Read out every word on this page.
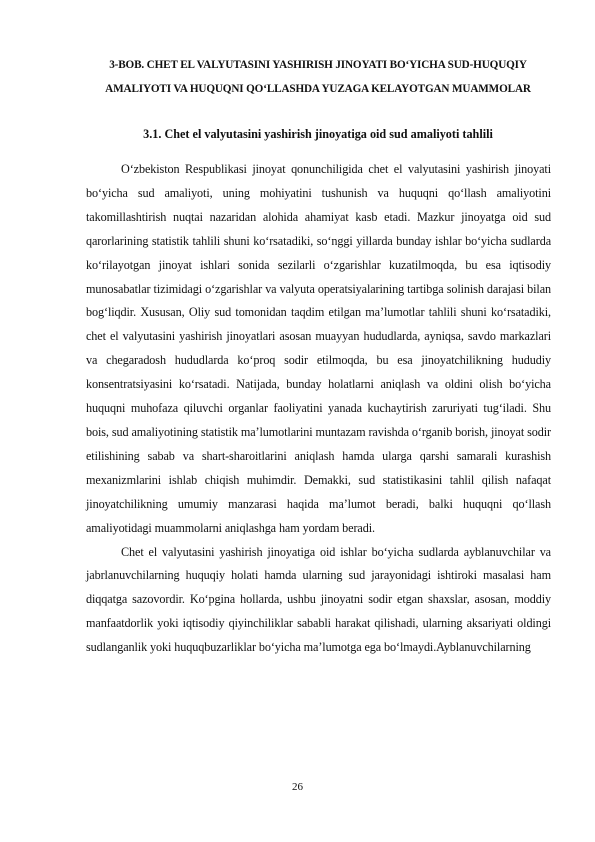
3-BOB. CHET EL VALYUTASINI YASHIRISH JINOYATI BO‘YICHA SUD-HUQUQIY AMALIYOTI VA HUQUQNI QO‘LLASHDA YUZAGA KELAYOTGAN MUAMMOLAR
3.1. Chet el valyutasini yashirish jinoyatiga oid sud amaliyoti tahlili

O‘zbekiston Respublikasi jinoyat qonunchiligida chet el valyutasini yashirish jinoyati bo‘yicha sud amaliyoti, uning mohiyatini tushunish va huquqni qo‘llash amaliyotini takomillashtirish nuqtai nazaridan alohida ahamiyat kasb etadi. Mazkur jinoyatga oid sud qarorlarining statistik tahlili shuni ko‘rsatadiki, so‘nggi yillarda bunday ishlar bo‘yicha sudlarda ko‘rilayotgan jinoyat ishlari sonida sezilarli o‘zgarishlar kuzatilmoqda, bu esa iqtisodiy munosabatlar tizimidagi o‘zgarishlar va valyuta operatsiyalarining tartibga solinish darajasi bilan bog‘liqdir. Xususan, Oliy sud tomonidan taqdim etilgan ma’lumotlar tahlili shuni ko‘rsatadiki, chet el valyutasini yashirish jinoyatlari asosan muayyan hududlarda, ayniqsa, savdo markazlari va chegaradosh hududlarda ko‘proq sodir etilmoqda, bu esa jinoyatchilikning hududiy konsentratsiyasini ko‘rsatadi. Natijada, bunday holatlarni aniqlash va oldini olish bo‘yicha huquqni muhofaza qiluvchi organlar faoliyatini yanada kuchaytirish zaruriyati tug‘iladi. Shu bois, sud amaliyotining statistik ma’lumotlarini muntazam ravishda o‘rganib borish, jinoyat sodir etilishining sabab va shart-sharoitlarini aniqlash hamda ularga qarshi samarali kurashish mexanizmlarini ishlab chiqish muhimdir. Demakki, sud statistikasini tahlil qilish nafaqat jinoyatchilikning umumiy manzarasi haqida ma’lumot beradi, balki huquqni qo‘llash amaliyotidagi muammolarni aniqlashga ham yordam beradi.

Chet el valyutasini yashirish jinoyatiga oid ishlar bo‘yicha sudlarda ayblanuvchilar va jabrlanuvchilarning huquqiy holati hamda ularning sud jarayonidagi ishtiroki masalasi ham diqqatga sazovordir. Ko‘pgina hollarda, ushbu jinoyatni sodir etgan shaxslar, asosan, moddiy manfaatdorlik yoki iqtisodiy qiyinchiliklar sababli harakat qilishadi, ularning aksariyati oldingi sudlanganlik yoki huquqbuzarliklar bo‘yicha ma’lumotga ega bo‘lmaydi.Ayblanuvchilarning

26
